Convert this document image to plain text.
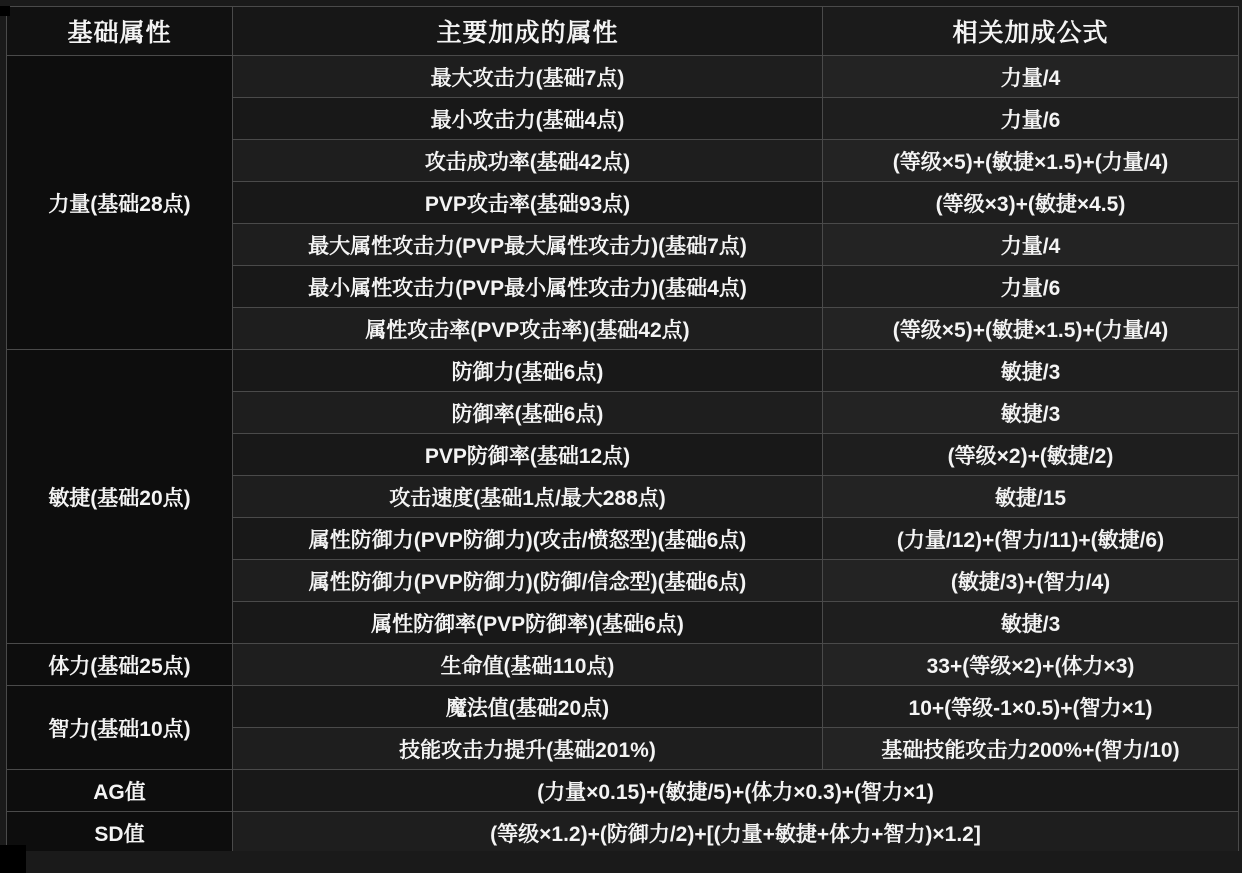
基础属性	主要加成的属性	相关加成公式
力量(基础28点)	最大攻击力(基础7点)	力量/4
	最小攻击力(基础4点)	力量/6
	攻击成功率(基础42点)	(等级×5)+(敏捷×1.5)+(力量/4)
	PVP攻击率(基础93点)	(等级×3)+(敏捷×4.5)
	最大属性攻击力(PVP最大属性攻击力)(基础7点)	力量/4
	最小属性攻击力(PVP最小属性攻击力)(基础4点)	力量/6
	属性攻击率(PVP攻击率)(基础42点)	(等级×5)+(敏捷×1.5)+(力量/4)
敏捷(基础20点)	防御力(基础6点)	敏捷/3
	防御率(基础6点)	敏捷/3
	PVP防御率(基础12点)	(等级×2)+(敏捷/2)
	攻击速度(基础1点/最大288点)	敏捷/15
	属性防御力(PVP防御力)(攻击/愤怒型)(基础6点)	(力量/12)+(智力/11)+(敏捷/6)
	属性防御力(PVP防御力)(防御/信念型)(基础6点)	(敏捷/3)+(智力/4)
	属性防御率(PVP防御率)(基础6点)	敏捷/3
体力(基础25点)	生命值(基础110点)	33+(等级×2)+(体力×3)
智力(基础10点)	魔法值(基础20点)	10+(等级-1×0.5)+(智力×1)
	技能攻击力提升(基础201%)	基础技能攻击力200%+(智力/10)
AG值	(力量×0.15)+(敏捷/5)+(体力×0.3)+(智力×1)	
SD值	(等级×1.2)+(防御力/2)+[(力量+敏捷+体力+智力)×1.2]	
